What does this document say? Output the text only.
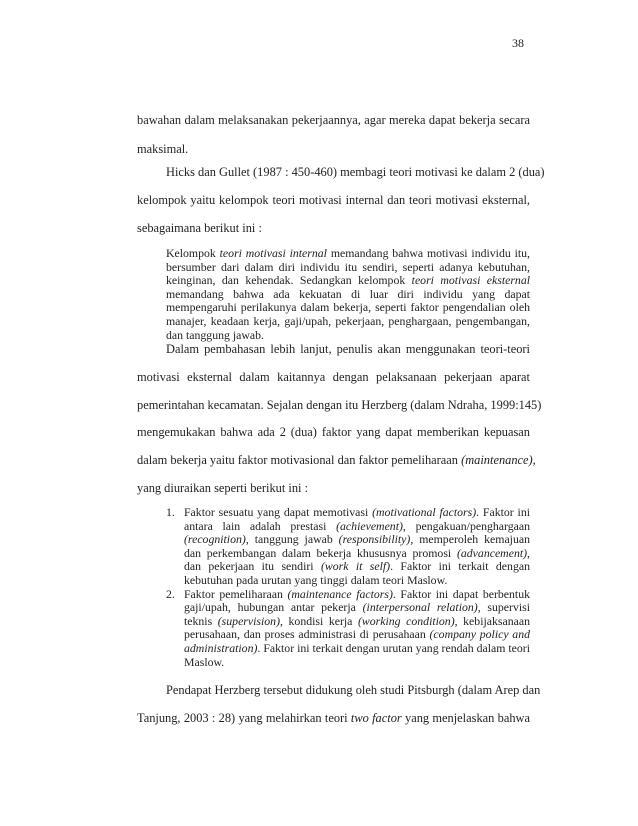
38
bawahan dalam melaksanakan pekerjaannya, agar mereka dapat bekerja secara
maksimal.
Hicks dan Gullet (1987 : 450-460) membagi teori motivasi ke dalam 2 (dua)
kelompok yaitu kelompok teori motivasi internal dan teori motivasi eksternal,
sebagaimana berikut ini :
Kelompok teori motivasi internal memandang bahwa motivasi individu itu, bersumber dari dalam diri individu itu sendiri, seperti adanya kebutuhan, keinginan, dan kehendak. Sedangkan kelompok teori motivasi eksternal memandang bahwa ada kekuatan di luar diri individu yang dapat mempengaruhi perilakunya dalam bekerja, seperti faktor pengendalian oleh manajer, keadaan kerja, gaji/upah, pekerjaan, penghargaan, pengembangan, dan tanggung jawab.
Dalam pembahasan lebih lanjut, penulis akan menggunakan teori-teori
motivasi eksternal dalam kaitannya dengan pelaksanaan pekerjaan aparat
pemerintahan kecamatan. Sejalan dengan itu Herzberg (dalam Ndraha, 1999:145)
mengemukakan bahwa ada 2 (dua) faktor yang dapat memberikan kepuasan
dalam bekerja yaitu faktor motivasional dan faktor pemeliharaan (maintenance),
yang diuraikan seperti berikut ini :
1. Faktor sesuatu yang dapat memotivasi (motivational factors). Faktor ini antara lain adalah prestasi (achievement), pengakuan/penghargaan (recognition), tanggung jawab (responsibility), memperoleh kemajuan dan perkembangan dalam bekerja khususnya promosi (advancement), dan pekerjaan itu sendiri (work it self). Faktor ini terkait dengan kebutuhan pada urutan yang tinggi dalam teori Maslow.
2. Faktor pemeliharaan (maintenance factors). Faktor ini dapat berbentuk gaji/upah, hubungan antar pekerja (interpersonal relation), supervisi teknis (supervision), kondisi kerja (working condition), kebijaksanaan perusahaan, dan proses administrasi di perusahaan (company policy and administration). Faktor ini terkait dengan urutan yang rendah dalam teori Maslow.
Pendapat Herzberg tersebut didukung oleh studi Pitsburgh (dalam Arep dan
Tanjung, 2003 : 28) yang melahirkan teori two factor yang menjelaskan bahwa
